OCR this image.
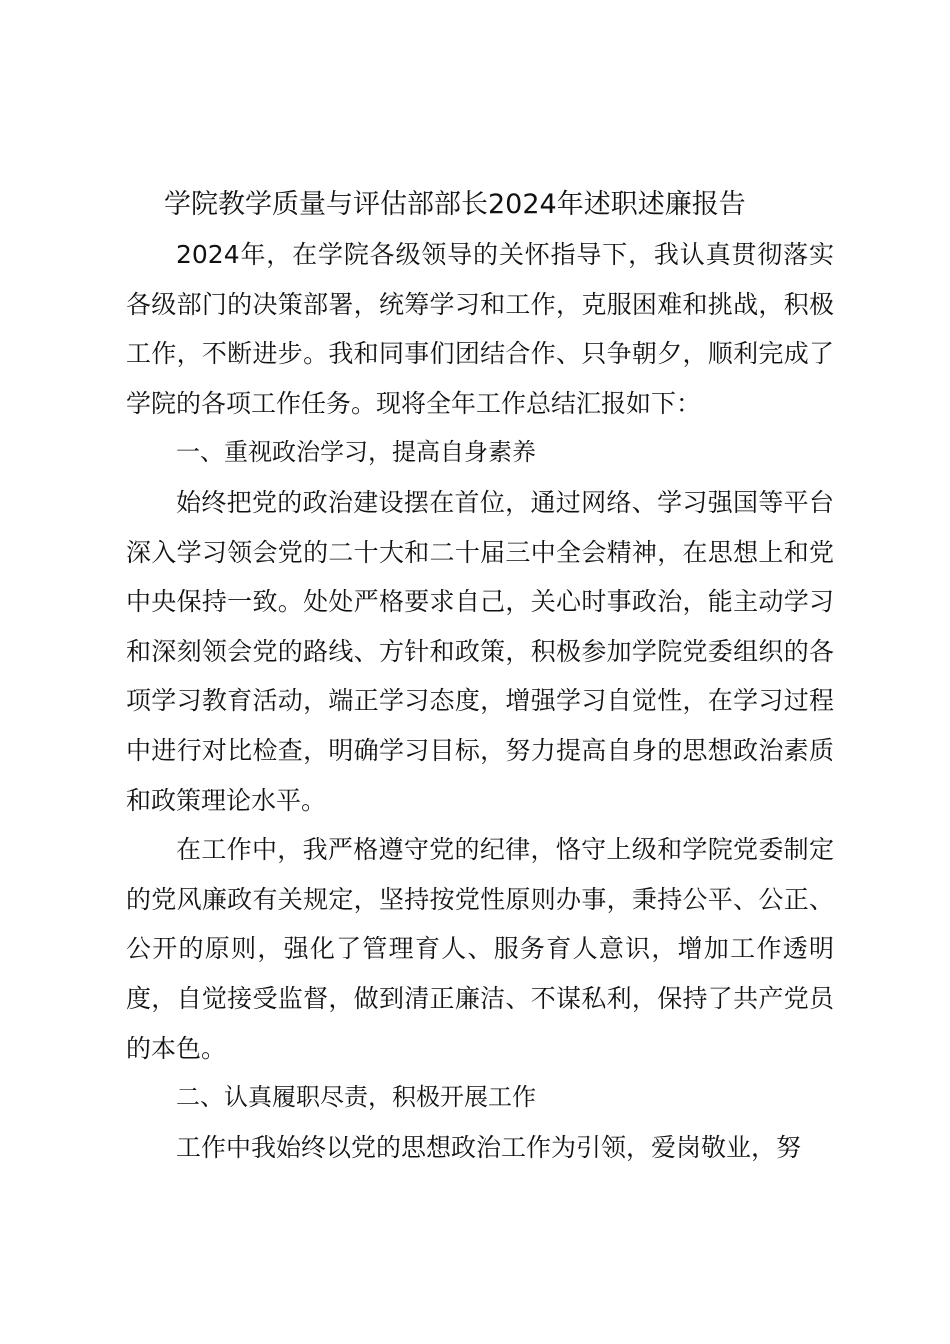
学院教学质量与评估部部长2024年述职述廉报告

2024年，在学院各级领导的关怀指导下，我认真贯彻落实各级部门的决策部署，统筹学习和工作，克服困难和挑战，积极工作，不断进步。我和同事们团结合作、只争朝夕，顺利完成了学院的各项工作任务。现将全年工作总结汇报如下：

一、重视政治学习，提高自身素养

始终把党的政治建设摆在首位，通过网络、学习强国等平台深入学习领会党的二十大和二十届三中全会精神，在思想上和党中央保持一致。处处严格要求自己，关心时事政治，能主动学习和深刻领会党的路线、方针和政策，积极参加学院党委组织的各项学习教育活动，端正学习态度，增强学习自觉性，在学习过程中进行对比检查，明确学习目标，努力提高自身的思想政治素质和政策理论水平。

在工作中，我严格遵守党的纪律，恪守上级和学院党委制定的党风廉政有关规定，坚持按党性原则办事，秉持公平、公正、公开的原则，强化了管理育人、服务育人意识，增加工作透明度，自觉接受监督，做到清正廉洁、不谋私利，保持了共产党员的本色。

二、认真履职尽责，积极开展工作

工作中我始终以党的思想政治工作为引领，爱岗敬业，努
